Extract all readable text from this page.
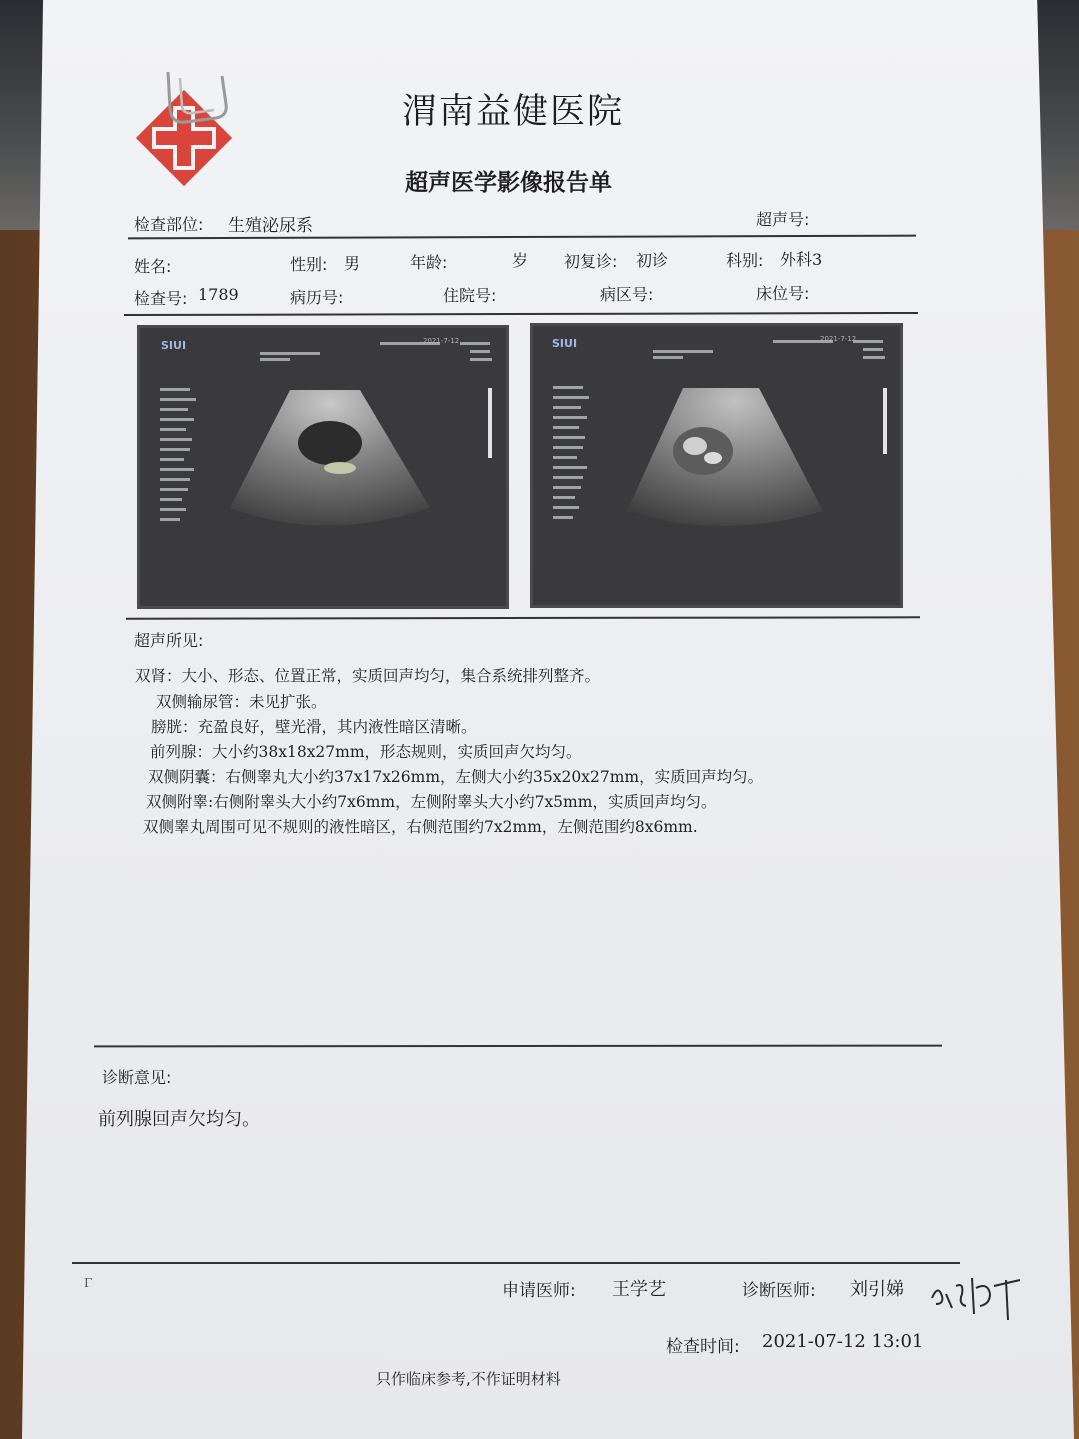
渭南益健医院
超声医学影像报告单
检查部位: 生殖泌尿系	超声号:
姓名:	性别: 男	年龄:	岁 初复诊: 初诊	科别: 外科3
检查号: 1789	病历号:	住院号:	病区号:	床位号:
SIUI	2021-7-12	SIUI	2021-7-12
超声所见:
双肾：大小、形态、位置正常，实质回声均匀，集合系统排列整齐。
双侧输尿管：未见扩张。
膀胱：充盈良好，壁光滑，其内液性暗区清晰。
前列腺：大小约38x18x27mm，形态规则，实质回声欠均匀。
双侧阴囊：右侧睾丸大小约37x17x26mm，左侧大小约35x20x27mm，实质回声均匀。
双侧附睾:右侧附睾头大小约7x6mm，左侧附睾头大小约7x5mm，实质回声均匀。
双侧睾丸周围可见不规则的液性暗区，右侧范围约7x2mm，左侧范围约8x6mm.
诊断意见:
前列腺回声欠均匀。
Γ	申请医师: 王学艺	诊断医师: 刘引娣
检查时间: 2021-07-12 13:01
只作临床参考,不作证明材料
